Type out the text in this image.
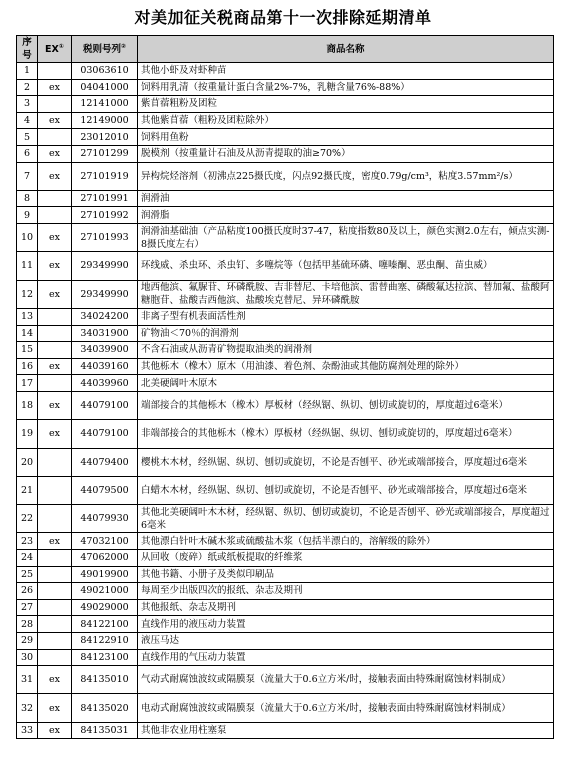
对美加征关税商品第十一次排除延期清单
序号	EX①	税则号列②	商品名称
1		03063610	其他小虾及对虾种苗
2	ex	04041000	饲料用乳清（按重量计蛋白含量2%-7%，乳糖含量76%-88%）
3		12141000	紫苜蓿粗粉及团粒
4	ex	12149000	其他紫苜蓿（粗粉及团粒除外）
5		23012010	饲料用鱼粉
6	ex	27101299	脱模剂（按重量计石油及从沥青提取的油≥70%）
7	ex	27101919	异构烷烃溶剂（初沸点225摄氏度，闪点92摄氏度，密度0.79g/cm³，粘度3.57mm²/s）
8		27101991	润滑油
9		27101992	润滑脂
10	ex	27101993	润滑油基础油（产品粘度100摄氏度时37-47，粘度指数80及以上，颜色实测2.0左右，倾点实测-8摄氏度左右）
11	ex	29349990	环线威、杀虫环、杀虫钉、多噻烷等（包括甲基硫环磷、噻嗪酮、恶虫酮、苗虫威）
12	ex	29349990	地西他滨、氟脲苷、环磷酰胺、吉非替尼、卡培他滨、雷替曲塞、磷酸氟达拉滨、替加氟、盐酸阿糖胞苷、盐酸吉西他滨、盐酸埃克替尼、异环磷酰胺
13		34024200	非离子型有机表面活性剂
14		34031900	矿物油＜70％的润滑剂
15		34039900	不含石油或从沥青矿物提取油类的润滑剂
16	ex	44039160	其他栎木（橡木）原木（用油漆、着色剂、杂酚油或其他防腐剂处理的除外）
17		44039960	北美硬阔叶木原木
18	ex	44079100	端部接合的其他栎木（橡木）厚板材（经纵锯、纵切、刨切或旋切的，厚度超过6毫米）
19	ex	44079100	非端部接合的其他栎木（橡木）厚板材（经纵锯、纵切、刨切或旋切的，厚度超过6毫米）
20		44079400	樱桃木木材，经纵锯、纵切、刨切或旋切，不论是否刨平、砂光或端部接合，厚度超过6毫米
21		44079500	白蜡木木材，经纵锯、纵切、刨切或旋切，不论是否刨平、砂光或端部接合，厚度超过6毫米
22		44079930	其他北美硬阔叶木木材，经纵锯、纵切、刨切或旋切，不论是否刨平、砂光或端部接合，厚度超过6毫米
23	ex	47032100	其他漂白针叶木碱木浆或硫酸盐木浆（包括半漂白的，溶解级的除外）
24		47062000	从回收（废碎）纸或纸板提取的纤维浆
25		49019900	其他书籍、小册子及类似印刷品
26		49021000	每周至少出版四次的报纸、杂志及期刊
27		49029000	其他报纸、杂志及期刊
28		84122100	直线作用的液压动力装置
29		84122910	液压马达
30		84123100	直线作用的气压动力装置
31	ex	84135010	气动式耐腐蚀波纹或隔膜泵（流量大于0.6立方米/时，接触表面由特殊耐腐蚀材料制成）
32	ex	84135020	电动式耐腐蚀波纹或隔膜泵（流量大于0.6立方米/时，接触表面由特殊耐腐蚀材料制成）
33	ex	84135031	其他非农业用柱塞泵
